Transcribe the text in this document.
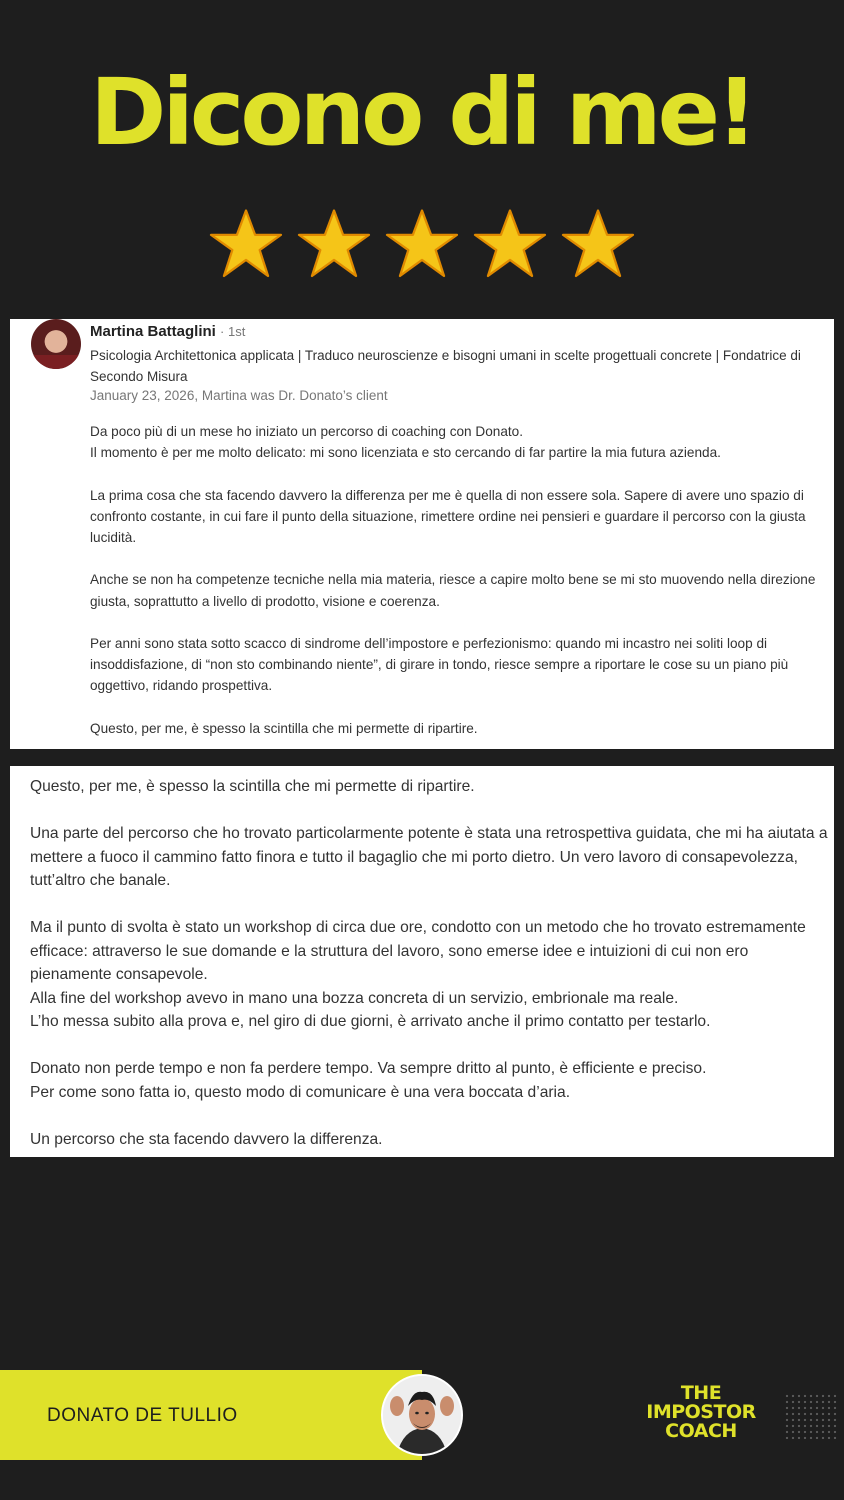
Dicono di me!
Martina Battaglini · 1st
Psicologia Architettonica applicata | Traduco neuroscienze e bisogni umani in scelte progettuali concrete | Fondatrice di Secondo Misura
January 23, 2026, Martina was Dr. Donato’s client

Da poco più di un mese ho iniziato un percorso di coaching con Donato.
Il momento è per me molto delicato: mi sono licenziata e sto cercando di far partire la mia futura azienda.

La prima cosa che sta facendo davvero la differenza per me è quella di non essere sola. Sapere di avere uno spazio di confronto costante, in cui fare il punto della situazione, rimettere ordine nei pensieri e guardare il percorso con la giusta lucidità.

Anche se non ha competenze tecniche nella mia materia, riesce a capire molto bene se mi sto muovendo nella direzione giusta, soprattutto a livello di prodotto, visione e coerenza.

Per anni sono stata sotto scacco di sindrome dell’impostore e perfezionismo: quando mi incastro nei soliti loop di insoddisfazione, di “non sto combinando niente”, di girare in tondo, riesce sempre a riportare le cose su un piano più oggettivo, ridando prospettiva.

Questo, per me, è spesso la scintilla che mi permette di ripartire.

Questo, per me, è spesso la scintilla che mi permette di ripartire.

Una parte del percorso che ho trovato particolarmente potente è stata una retrospettiva guidata, che mi ha aiutata a mettere a fuoco il cammino fatto finora e tutto il bagaglio che mi porto dietro. Un vero lavoro di consapevolezza, tutt’altro che banale.

Ma il punto di svolta è stato un workshop di circa due ore, condotto con un metodo che ho trovato estremamente efficace: attraverso le sue domande e la struttura del lavoro, sono emerse idee e intuizioni di cui non ero pienamente consapevole.
Alla fine del workshop avevo in mano una bozza concreta di un servizio, embrionale ma reale.
L’ho messa subito alla prova e, nel giro di due giorni, è arrivato anche il primo contatto per testarlo.

Donato non perde tempo e non fa perdere tempo. Va sempre dritto al punto, è efficiente e preciso.
Per come sono fatta io, questo modo di comunicare è una vera boccata d’aria.

Un percorso che sta facendo davvero la differenza.

DONATO DE TULLIO
THE
IMPOSTOR
COACH
